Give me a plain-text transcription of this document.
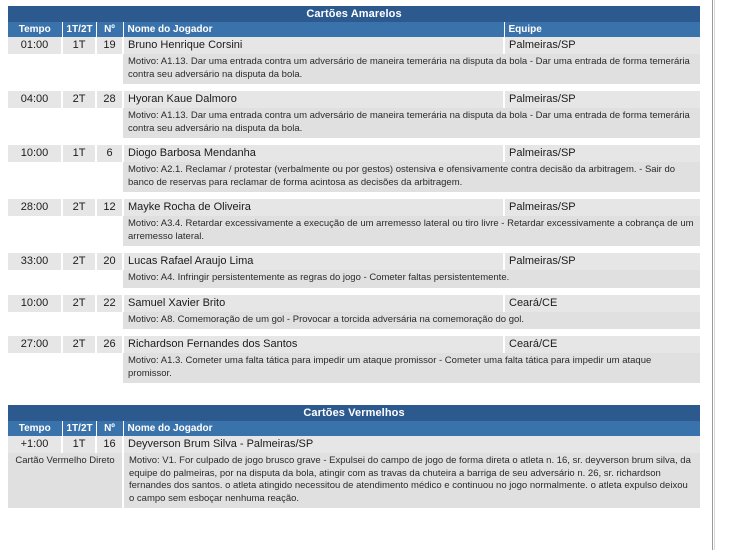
Cartões Amarelos				
Tempo	1T/2T	Nº	Nome do Jogador	Equipe
01:00	1T	19	Bruno Henrique Corsini	Palmeiras/SP
			Motivo: A1.13. Dar uma entrada contra um adversário de maneira temerária na disputa da bola - Dar uma entrada de forma temerária contra seu adversário na disputa da bola.	

04:00	2T	28	Hyoran Kaue Dalmoro	Palmeiras/SP
			Motivo: A1.13. Dar uma entrada contra um adversário de maneira temerária na disputa da bola - Dar uma entrada de forma temerária contra seu adversário na disputa da bola.	

10:00	1T	6	Diogo Barbosa Mendanha	Palmeiras/SP
			Motivo: A2.1. Reclamar / protestar (verbalmente ou por gestos) ostensiva e ofensivamente contra decisão da arbitragem. - Sair do banco de reservas para reclamar de forma acintosa as decisões da arbitragem.	

28:00	2T	12	Mayke Rocha de Oliveira	Palmeiras/SP
			Motivo: A3.4. Retardar excessivamente a execução de um arremesso lateral ou tiro livre - Retardar excessivamente a cobrança de um arremesso lateral.	

33:00	2T	20	Lucas Rafael Araujo Lima	Palmeiras/SP
			Motivo: A4. Infringir persistentemente as regras do jogo - Cometer faltas persistentemente.	

10:00	2T	22	Samuel Xavier Brito	Ceará/CE
			Motivo: A8. Comemoração de um gol - Provocar a torcida adversária na comemoração do gol.	

27:00	2T	26	Richardson Fernandes dos Santos	Ceará/CE
			Motivo: A1.3. Cometer uma falta tática para impedir um ataque promissor - Cometer uma falta tática para impedir um ataque promissor.	
Cartões Vermelhos			
Tempo	1T/2T	Nº	Nome do Jogador
+1:00	1T	16	Deyverson Brum Silva - Palmeiras/SP
Cartão Vermelho Direto			Motivo: V1. For culpado de jogo brusco grave - Expulsei do campo de jogo de forma direta o atleta n. 16, sr. deyverson brum silva, da equipe do palmeiras, por na disputa da bola, atingir com as travas da chuteira a barriga de seu adversário n. 26, sr. richardson fernandes dos santos. o atleta atingido necessitou de atendimento médico e continuou no jogo normalmente. o atleta expulso deixou o campo sem esboçar nenhuma reação.
